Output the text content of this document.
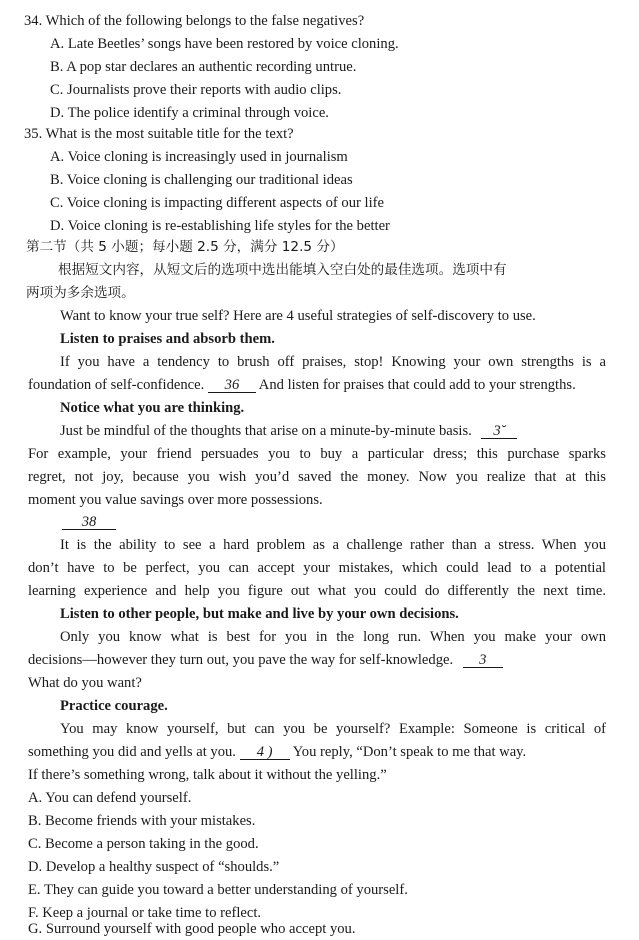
34. Which of the following belongs to the false negatives?
A. Late Beetles’ songs have been restored by voice cloning.
B. A pop star declares an authentic recording untrue.
C. Journalists prove their reports with audio clips.
D. The police identify a criminal through voice.
35. What is the most suitable title for the text?
A. Voice cloning is increasingly used in journalism
B. Voice cloning is challenging our traditional ideas
C. Voice cloning is impacting different aspects of our life
D. Voice cloning is re-establishing life styles for the better
第二节（共 5 小题；每小题 2.5 分，满分 12.5 分）
根据短文内容，从短文后的选项中选出能填入空白处的最佳选项。选项中有
两项为多余选项。
Want to know your true self? Here are 4 useful strategies of self-discovery to use.
Listen to praises and absorb them.
If you have a tendency to brush off praises, stop! Knowing your own strengths is a
foundation of self-confidence. 36 And listen for praises that could add to your strengths.
Notice what you are thinking.
Just be mindful of the thoughts that arise on a minute-by-minute basis. 3˘
For example, your friend persuades you to buy a particular dress; this purchase sparks
regret, not joy, because you wish you’d saved the money. Now you realize that at this
moment you value savings over more possessions.
38
It is the ability to see a hard problem as a challenge rather than a stress. When you
don’t have to be perfect, you can accept your mistakes, which could lead to a potential
learning experience and help you figure out what you could do differently the next time.
Listen to other people, but make and live by your own decisions.
Only you know what is best for you in the long run. When you make your own
decisions—however they turn out, you pave the way for self-knowledge. 3
What do you want?
Practice courage.
You may know yourself, but can you be yourself? Example: Someone is critical of
something you did and yells at you. 4 ) You reply, “Don’t speak to me that way.
If there’s something wrong, talk about it without the yelling.”
A. You can defend yourself.
B. Become friends with your mistakes.
C. Become a person taking in the good.
D. Develop a healthy suspect of “shoulds.”
E. They can guide you toward a better understanding of yourself.
F. Keep a journal or take time to reflect.
G. Surround yourself with good people who accept you.
